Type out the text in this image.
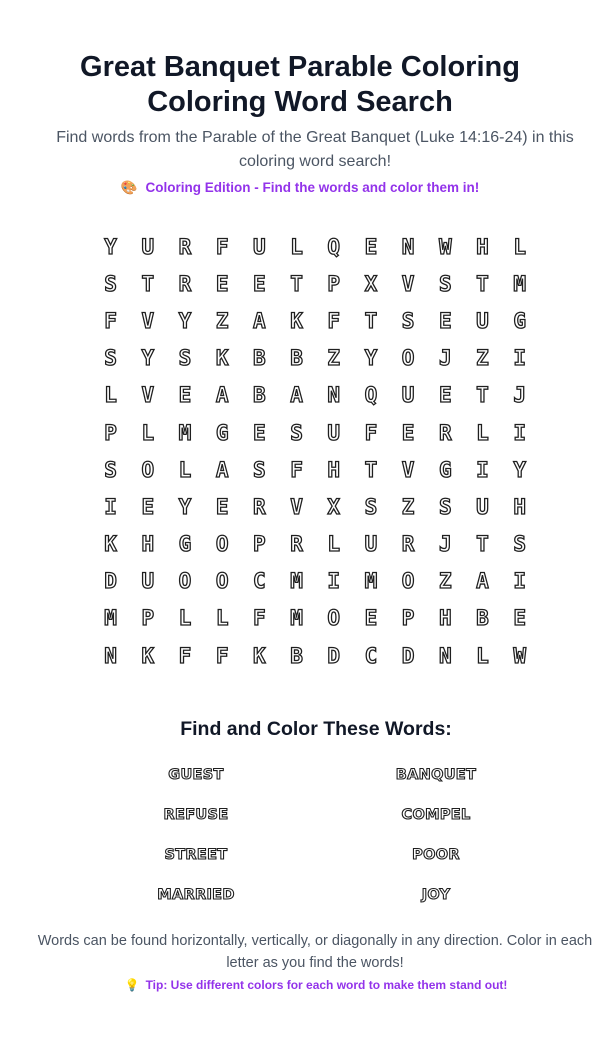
Great Banquet Parable Coloring
Coloring Word Search
Find words from the Parable of the Great Banquet (Luke 14:16-24) in this coloring word search!
🎨 Coloring Edition - Find the words and color them in!
Y	U	R	F	U	L	Q	E	N	W	H	L
S	T	R	E	E	T	P	X	V	S	T	M
F	V	Y	Z	A	K	F	T	S	E	U	G
S	Y	S	K	B	B	Z	Y	O	J	Z	I
L	V	E	A	B	A	N	Q	U	E	T	J
P	L	M	G	E	S	U	F	E	R	L	I
S	O	L	A	S	F	H	T	V	G	I	Y
I	E	Y	E	R	V	X	S	Z	S	U	H
K	H	G	O	P	R	L	U	R	J	T	S
D	U	O	O	C	M	I	M	O	Z	A	I
M	P	L	L	F	M	O	E	P	H	B	E
N	K	F	F	K	B	D	C	D	N	L	W
Find and Color These Words:
GUEST	BANQUET
REFUSE	COMPEL
STREET	POOR
MARRIED	JOY
Words can be found horizontally, vertically, or diagonally in any direction. Color in each letter as you find the words!
💡 Tip: Use different colors for each word to make them stand out!
